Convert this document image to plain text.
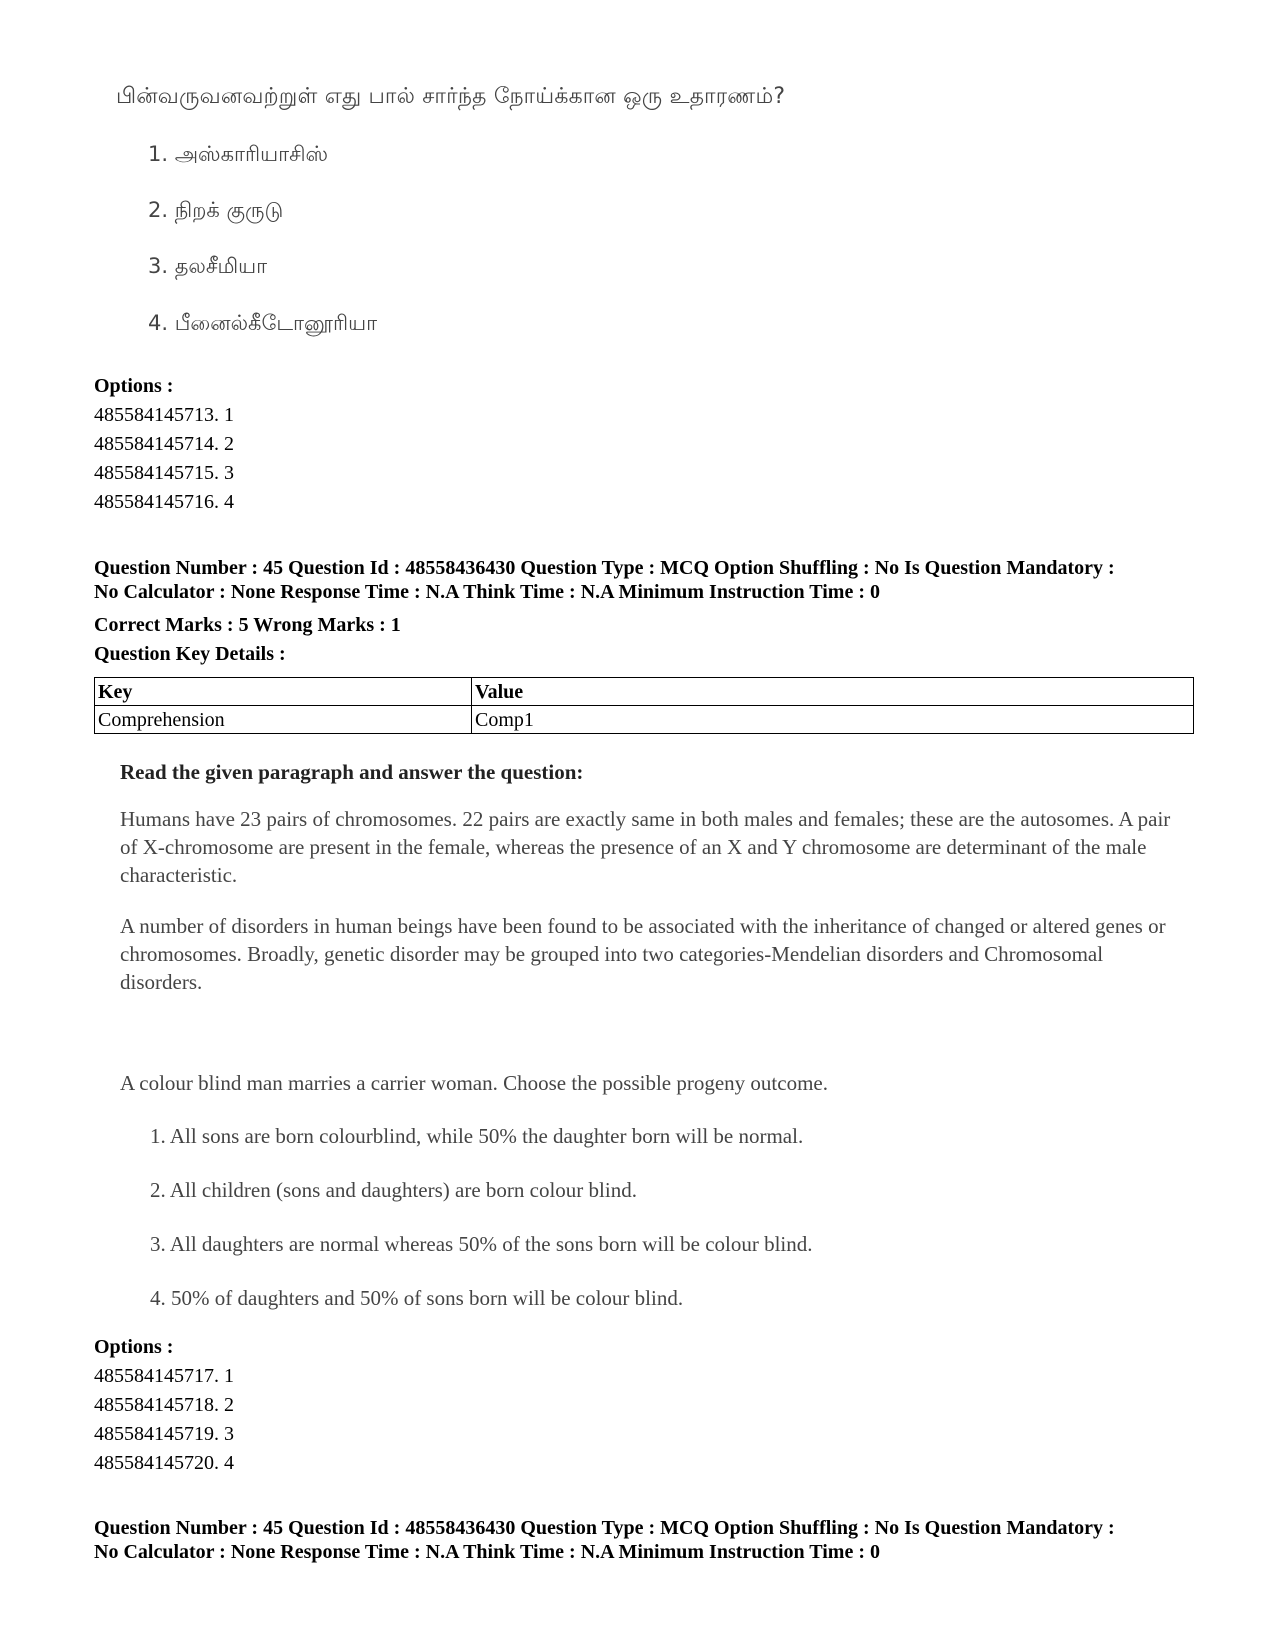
பின்வருவனவற்றுள் எது பால் சார்ந்த நோய்க்கான ஒரு உதாரணம்?
1. அஸ்காரியாசிஸ்
2. நிறக் குருடு
3. தலசீமியா
4. பீனைல்கீடோனூரியா
Options :
485584145713. 1
485584145714. 2
485584145715. 3
485584145716. 4
Question Number : 45 Question Id : 48558436430 Question Type : MCQ Option Shuffling : No Is Question Mandatory :
No Calculator : None Response Time : N.A Think Time : N.A Minimum Instruction Time : 0
Correct Marks : 5 Wrong Marks : 1
Question Key Details :
Key	Value
Comprehension	Comp1
Read the given paragraph and answer the question:
Humans have 23 pairs of chromosomes. 22 pairs are exactly same in both males and females; these are the autosomes. A pair of X-chromosome are present in the female, whereas the presence of an X and Y chromosome are determinant of the male characteristic.
A number of disorders in human beings have been found to be associated with the inheritance of changed or altered genes or chromosomes. Broadly, genetic disorder may be grouped into two categories-Mendelian disorders and Chromosomal disorders.
A colour blind man marries a carrier woman. Choose the possible progeny outcome.
1. All sons are born colourblind, while 50% the daughter born will be normal.
2. All children (sons and daughters) are born colour blind.
3. All daughters are normal whereas 50% of the sons born will be colour blind.
4. 50% of daughters and 50% of sons born will be colour blind.
Options :
485584145717. 1
485584145718. 2
485584145719. 3
485584145720. 4
Question Number : 45 Question Id : 48558436430 Question Type : MCQ Option Shuffling : No Is Question Mandatory :
No Calculator : None Response Time : N.A Think Time : N.A Minimum Instruction Time : 0
